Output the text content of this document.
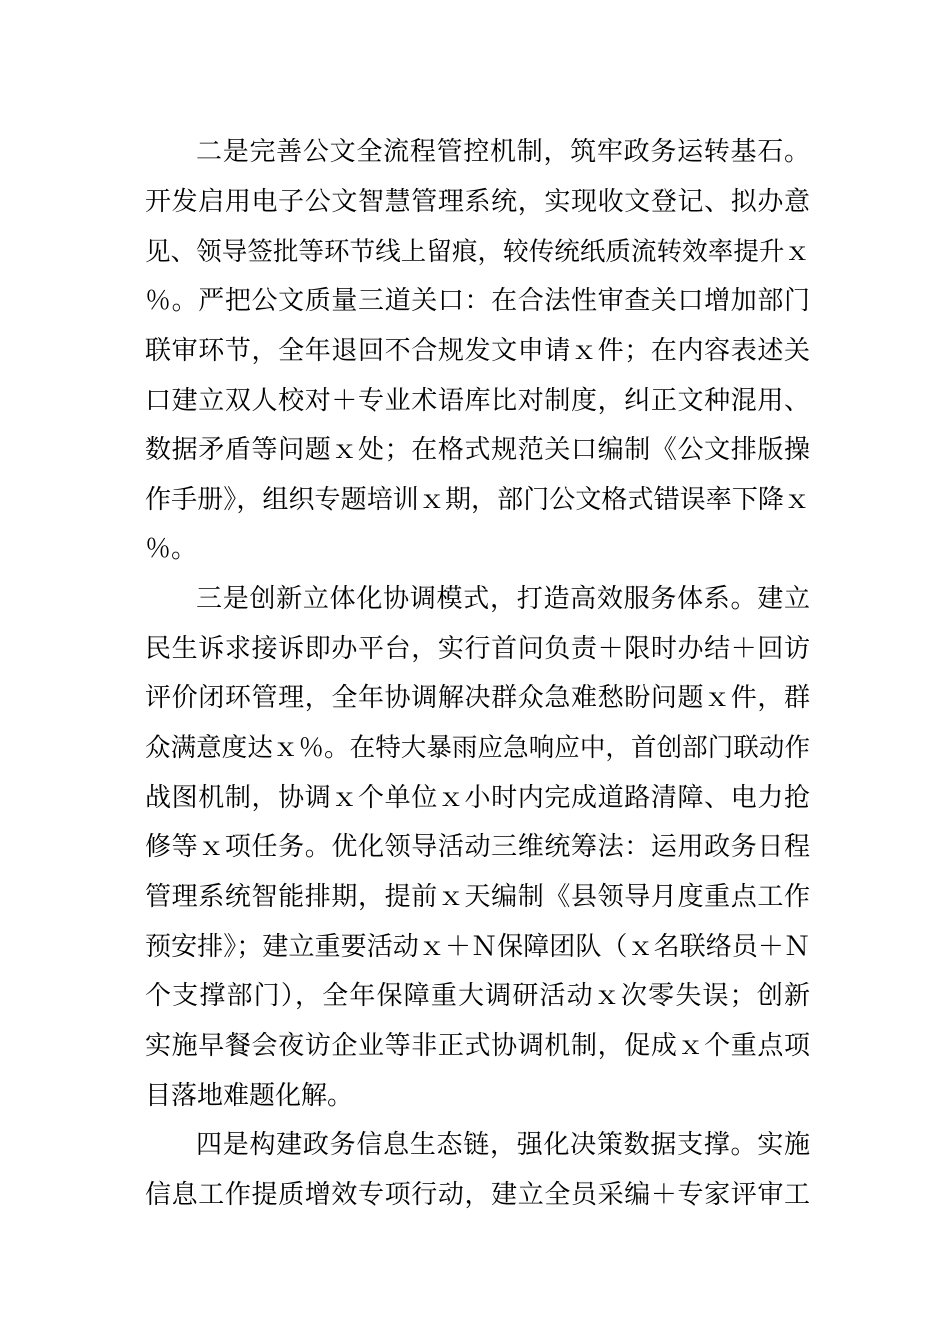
二是完善公文全流程管控机制，筑牢政务运转基石。
开发启用电子公文智慧管理系统，实现收文登记、拟办意
见、领导签批等环节线上留痕，较传统纸质流转效率提升ｘ
％。严把公文质量三道关口：在合法性审查关口增加部门
联审环节，全年退回不合规发文申请ｘ件；在内容表述关
口建立双人校对＋专业术语库比对制度，纠正文种混用、
数据矛盾等问题ｘ处；在格式规范关口编制《公文排版操
作手册》，组织专题培训ｘ期，部门公文格式错误率下降ｘ
％。
三是创新立体化协调模式，打造高效服务体系。建立
民生诉求接诉即办平台，实行首问负责＋限时办结＋回访
评价闭环管理，全年协调解决群众急难愁盼问题ｘ件，群
众满意度达ｘ％。在特大暴雨应急响应中，首创部门联动作
战图机制，协调ｘ个单位ｘ小时内完成道路清障、电力抢
修等ｘ项任务。优化领导活动三维统筹法：运用政务日程
管理系统智能排期，提前ｘ天编制《县领导月度重点工作
预安排》；建立重要活动ｘ＋Ｎ保障团队（ｘ名联络员＋Ｎ
个支撑部门），全年保障重大调研活动ｘ次零失误；创新
实施早餐会夜访企业等非正式协调机制，促成ｘ个重点项
目落地难题化解。
四是构建政务信息生态链，强化决策数据支撑。实施
信息工作提质增效专项行动，建立全员采编＋专家评审工
